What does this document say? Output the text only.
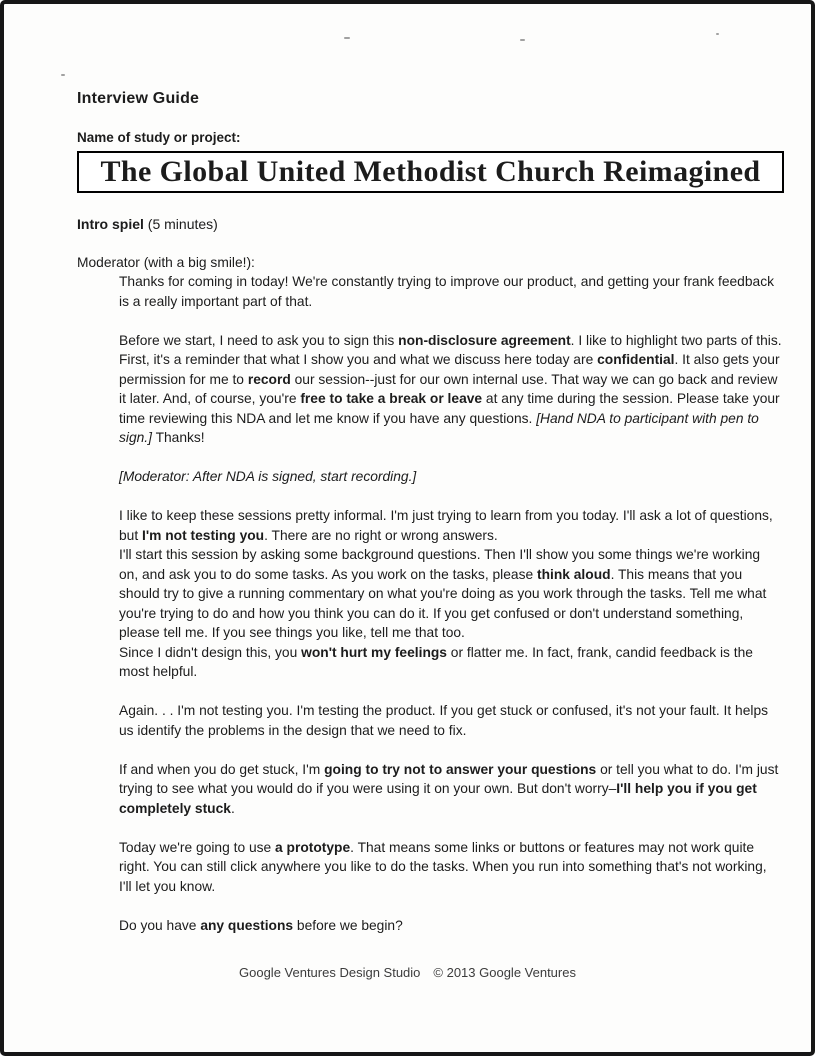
Interview Guide
Name of study or project:
The Global United Methodist Church Reimagined
Intro spiel (5 minutes)
Moderator (with a big smile!):

Thanks for coming in today! We're constantly trying to improve our product, and getting your frank feedback is a really important part of that.

Before we start, I need to ask you to sign this non-disclosure agreement. I like to highlight two parts of this. First, it's a reminder that what I show you and what we discuss here today are confidential. It also gets your permission for me to record our session--just for our own internal use. That way we can go back and review it later. And, of course, you're free to take a break or leave at any time during the session. Please take your time reviewing this NDA and let me know if you have any questions. [Hand NDA to participant with pen to sign.] Thanks!

[Moderator: After NDA is signed, start recording.]

I like to keep these sessions pretty informal. I'm just trying to learn from you today. I'll ask a lot of questions, but I'm not testing you. There are no right or wrong answers.

I'll start this session by asking some background questions. Then I'll show you some things we're working on, and ask you to do some tasks. As you work on the tasks, please think aloud. This means that you should try to give a running commentary on what you're doing as you work through the tasks. Tell me what you're trying to do and how you think you can do it. If you get confused or don't understand something, please tell me. If you see things you like, tell me that too.

Since I didn't design this, you won't hurt my feelings or flatter me. In fact, frank, candid feedback is the most helpful.

Again. . . I'm not testing you. I'm testing the product. If you get stuck or confused, it's not your fault. It helps us identify the problems in the design that we need to fix.

If and when you do get stuck, I'm going to try not to answer your questions or tell you what to do. I'm just trying to see what you would do if you were using it on your own. But don't worry–I'll help you if you get completely stuck.

Today we're going to use a prototype. That means some links or buttons or features may not work quite right. You can still click anywhere you like to do the tasks. When you run into something that's not working, I'll let you know.

Do you have any questions before we begin?

Google Ventures Design Studio © 2013 Google Ventures
